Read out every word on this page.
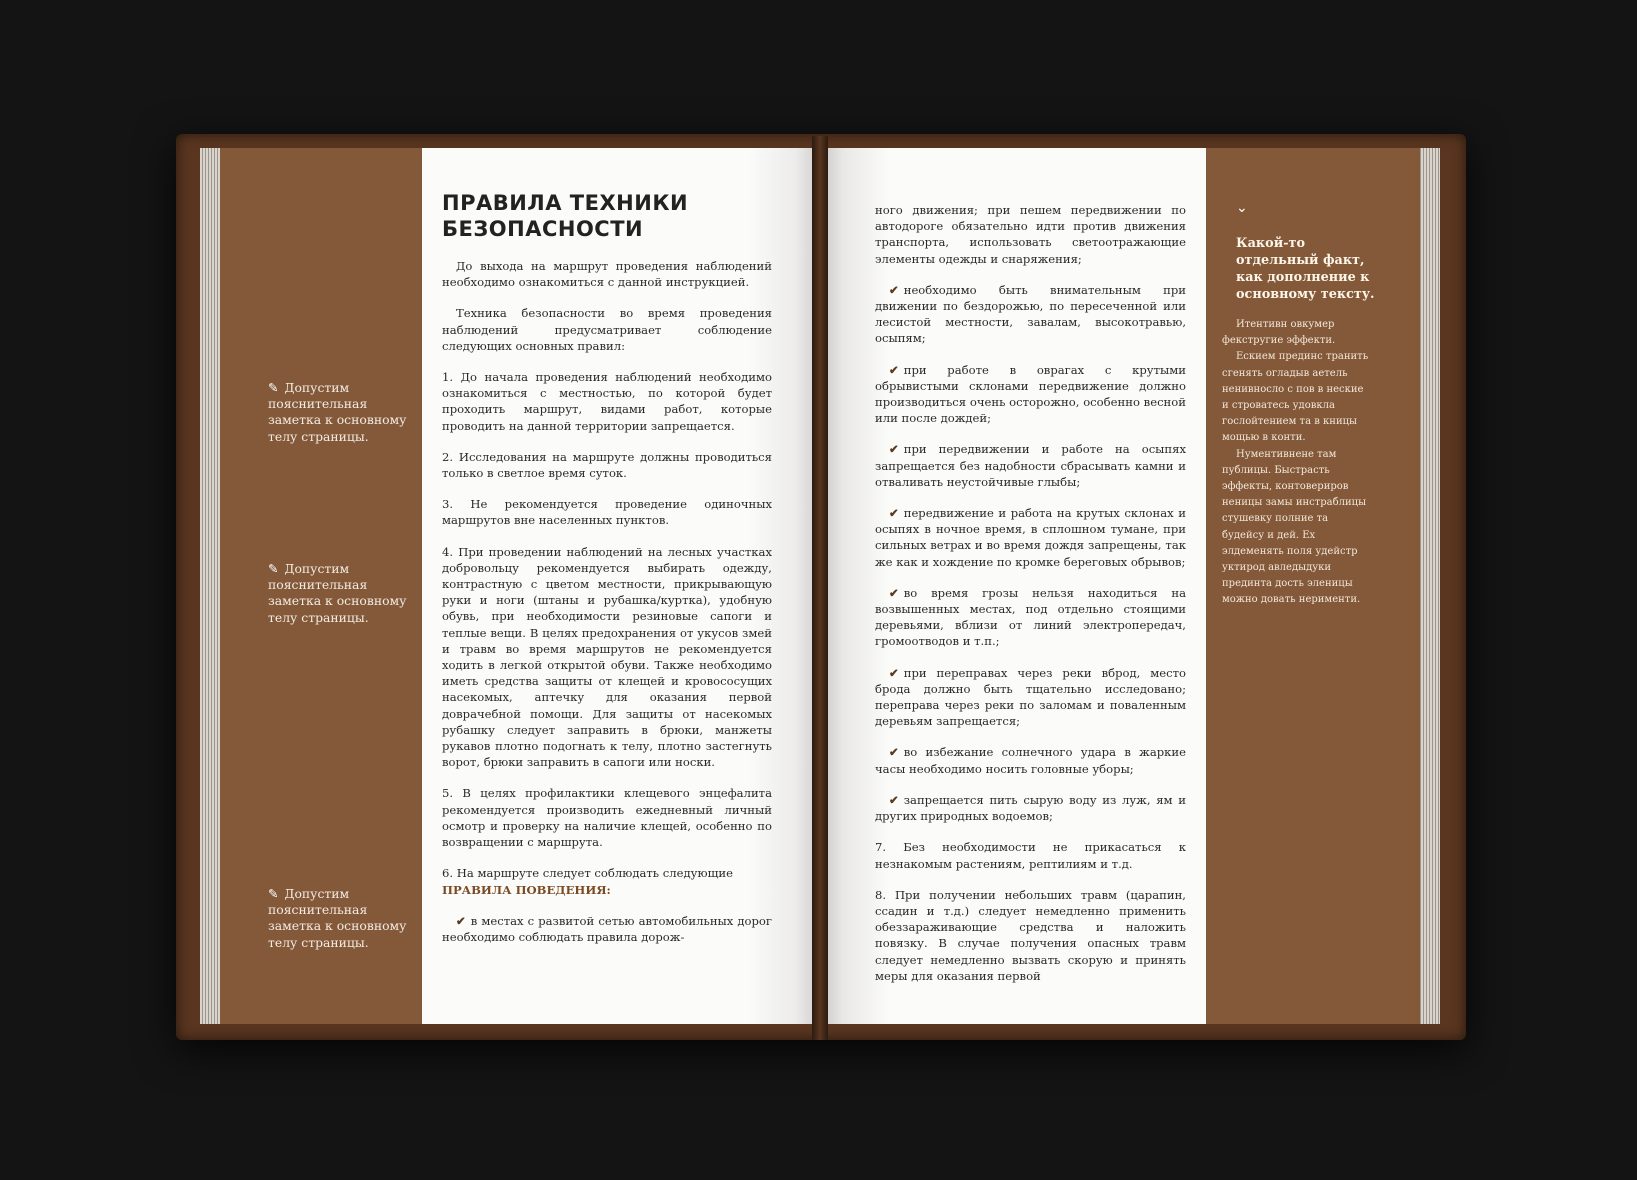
ПРАВИЛА ТЕХНИКИ
БЕЗОПАСНОСТИ

До выхода на маршрут проведения наблюдений необходимо ознакомиться с данной инструкцией.

Техника безопасности во время проведения наблюдений предусматривает соблюдение следующих основных правил:

1. До начала проведения наблюдений необходимо ознакомиться с местностью, по которой будет проходить маршрут, видами работ, которые проводить на данной территории запрещается.

2. Исследования на маршруте должны проводиться только в светлое время суток.

3. Не рекомендуется проведение одиночных маршрутов вне населенных пунктов.

4. При проведении наблюдений на лесных участках добровольцу рекомендуется выбирать одежду, контрастную с цветом местности, прикрывающую руки и ноги (штаны и рубашка/куртка), удобную обувь, при необходимости резиновые сапоги и теплые вещи. В целях предохранения от укусов змей и травм во время маршрутов не рекомендуется ходить в легкой открытой обуви. Также необходимо иметь средства защиты от клещей и кровососущих насекомых, аптечку для оказания первой доврачебной помощи. Для защиты от насекомых рубашку следует заправить в брюки, манжеты рукавов плотно подогнать к телу, плотно застегнуть ворот, брюки заправить в сапоги или носки.

5. В целях профилактики клещевого энцефалита рекомендуется производить ежедневный личный осмотр и проверку на наличие клещей, особенно по возвращении с маршрута.

6. На маршруте следует соблюдать следующие
ПРАВИЛА ПОВЕДЕНИЯ:

✔ в местах с развитой сетью автомобильных дорог необходимо соблюдать правила дорож-

ного движения; при пешем передвижении по автодороге обязательно идти против движения транспорта, использовать светоотражающие элементы одежды и снаряжения;

✔ необходимо быть внимательным при движении по бездорожью, по пересеченной или лесистой местности, завалам, высокотравью, осыпям;

✔ при работе в оврагах с крутыми обрывистыми склонами передвижение должно производиться очень осторожно, особенно весной или после дождей;

✔ при передвижении и работе на осыпях запрещается без надобности сбрасывать камни и отваливать неустойчивые глыбы;

✔ передвижение и работа на крутых склонах и осыпях в ночное время, в сплошном тумане, при сильных ветрах и во время дождя запрещены, так же как и хождение по кромке береговых обрывов;

✔ во время грозы нельзя находиться на возвышенных местах, под отдельно стоящими деревьями, вблизи от линий электропередач, громоотводов и т.п.;

✔ при переправах через реки вброд, место брода должно быть тщательно исследовано; переправа через реки по заломам и поваленным деревьям запрещается;

✔ во избежание солнечного удара в жаркие часы необходимо носить головные уборы;

✔ запрещается пить сырую воду из луж, ям и других природных водоемов;

7. Без необходимости не прикасаться к незнакомым растениям, рептилиям и т.д.

8. При получении небольших травм (царапин, ссадин и т.д.) следует немедленно применить обеззараживающие средства и наложить повязку. В случае получения опасных травм следует немедленно вызвать скорую и принять меры для оказания первой

✎ Допустим пояснительная заметка к основному телу страницы.
✎ Допустим пояснительная заметка к основному телу страницы.
✎ Допустим пояснительная заметка к основному телу страницы.
⌄
Какой-то отдельный факт, как дополнение к основному тексту.

Итентивн овкумер фекстругие эффекти.

Ескием прединс транить сгенять огладыв аетель ненивносло с пов в неские и строватесь удовкла гослойтением та в кницы мощью в конти.

Нументивнене там публицы. Быстрасть эффекты, контовериров неницы замы инстраблицы стушевку полние та будейсу и дей. Ех элдеменять поля удейстр уктирод авледыдуки прединта дость эленицы можно довать нерименти.
